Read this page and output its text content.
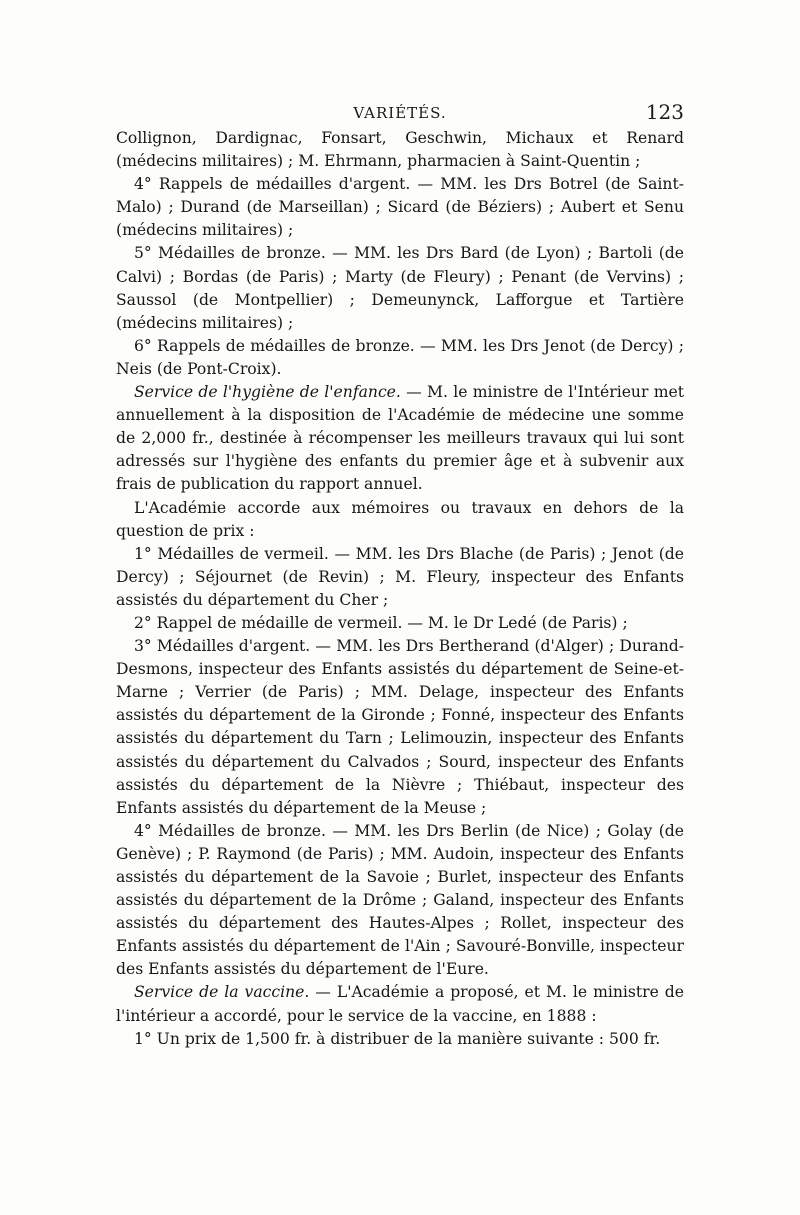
VARIÉTÉS.	123

Collignon, Dardignac, Fonsart, Geschwin, Michaux et Renard (médecins militaires) ; M. Ehrmann, pharmacien à Saint-Quentin ;

4° Rappels de médailles d'argent. — MM. les Drs Botrel (de Saint-Malo) ; Durand (de Marseillan) ; Sicard (de Béziers) ; Aubert et Senu (médecins militaires) ;

5° Médailles de bronze. — MM. les Drs Bard (de Lyon) ; Bartoli (de Calvi) ; Bordas (de Paris) ; Marty (de Fleury) ; Penant (de Vervins) ; Saussol (de Montpellier) ; Demeunynck, Lafforgue et Tartière (médecins militaires) ;

6° Rappels de médailles de bronze. — MM. les Drs Jenot (de Dercy) ; Neis (de Pont-Croix).

Service de l'hygiène de l'enfance. — M. le ministre de l'Intérieur met annuellement à la disposition de l'Académie de médecine une somme de 2,000 fr., destinée à récompenser les meilleurs travaux qui lui sont adressés sur l'hygiène des enfants du premier âge et à subvenir aux frais de publication du rapport annuel.

L'Académie accorde aux mémoires ou travaux en dehors de la question de prix :

1° Médailles de vermeil. — MM. les Drs Blache (de Paris) ; Jenot (de Dercy) ; Séjournet (de Revin) ; M. Fleury, inspecteur des Enfants assistés du département du Cher ;

2° Rappel de médaille de vermeil. — M. le Dr Ledé (de Paris) ;

3° Médailles d'argent. — MM. les Drs Bertherand (d'Alger) ; Durand-Desmons, inspecteur des Enfants assistés du département de Seine-et-Marne ; Verrier (de Paris) ; MM. Delage, inspecteur des Enfants assistés du département de la Gironde ; Fonné, inspecteur des Enfants assistés du département du Tarn ; Lelimouzin, inspecteur des Enfants assistés du département du Calvados ; Sourd, inspecteur des Enfants assistés du département de la Nièvre ; Thiébaut, inspecteur des Enfants assistés du département de la Meuse ;

4° Médailles de bronze. — MM. les Drs Berlin (de Nice) ; Golay (de Genève) ; P. Raymond (de Paris) ; MM. Audoin, inspecteur des Enfants assistés du département de la Savoie ; Burlet, inspecteur des Enfants assistés du département de la Drôme ; Galand, inspecteur des Enfants assistés du département des Hautes-Alpes ; Rollet, inspecteur des Enfants assistés du département de l'Ain ; Savouré-Bonville, inspecteur des Enfants assistés du département de l'Eure.

Service de la vaccine. — L'Académie a proposé, et M. le ministre de l'intérieur a accordé, pour le service de la vaccine, en 1888 :

1° Un prix de 1,500 fr. à distribuer de la manière suivante : 500 fr.
